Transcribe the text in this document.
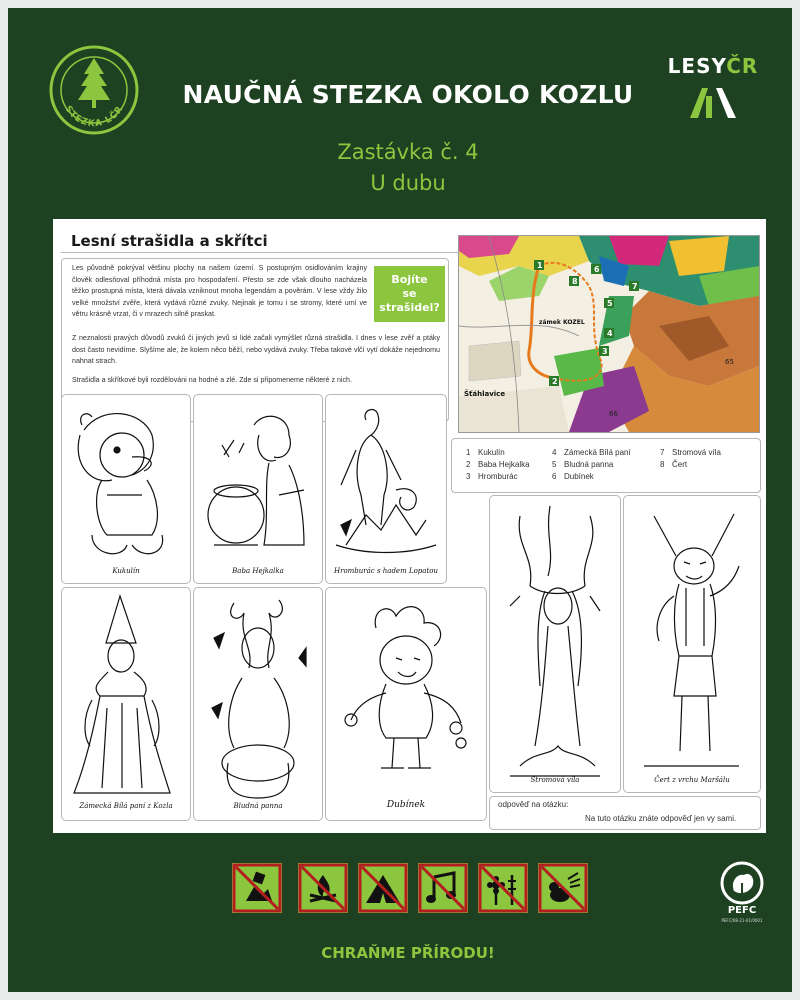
STEZKA LČR
LESYČR
NAUČNÁ STEZKA OKOLO KOZLU
Zastávka č. 4
U dubu
Lesní strašidla a skřítci
Les původně pokrýval většinu plochy na našem území. S postupným osidlováním krajiny člověk odlesňoval příhodná místa pro hospodaření. Přesto se zde však dlouho nacházela těžko prostupná místa, která dávala vzniknout mnoha legendám a pověrám. V lese vždy žilo velké množství zvěře, která vydává různé zvuky. Nejinak je tomu i se stromy, které umí ve větru krásně vrzat, či v mrazech silně praskat.
Bojíte
se
strašidel?
Z neznalosti pravých důvodů zvuků či jiných jevů si lidé začali vymýšlet různá strašidla. I dnes v lese zvěř a ptáky dost často nevidíme. Slyšíme ale, že kolem něco běží, nebo vydává zvuky. Třeba takové vlčí vytí dokáže nejednomu nahnat strach.
Strašidla a skřítkové byli rozdělováni na hodné a zlé. Zde si připomeneme některé z nich.
1
2
3
4
5
6
7
8
65
66
zámek KOZEL
Šťáhlavice
1 Kukulín
2 Baba Hejkalka
3 Hromburác
4 Zámecká Bílá paní
5 Bludná panna
6 Dubínek
7 Stromová víla
8 Čert
Kukulín	Baba Hejkalka	Hromburác s hadem Lopatou
Zámecká Bílá paní z Kozla	Bludná panna	Dubínek
Stromová víla	Čert z vrchu Maršálu
odpověď na otázku:
Na tuto otázku znáte odpověď jen vy sami.
PEFC
PEFC/08-21-01/0001
CHRAŇME PŘÍRODU!
